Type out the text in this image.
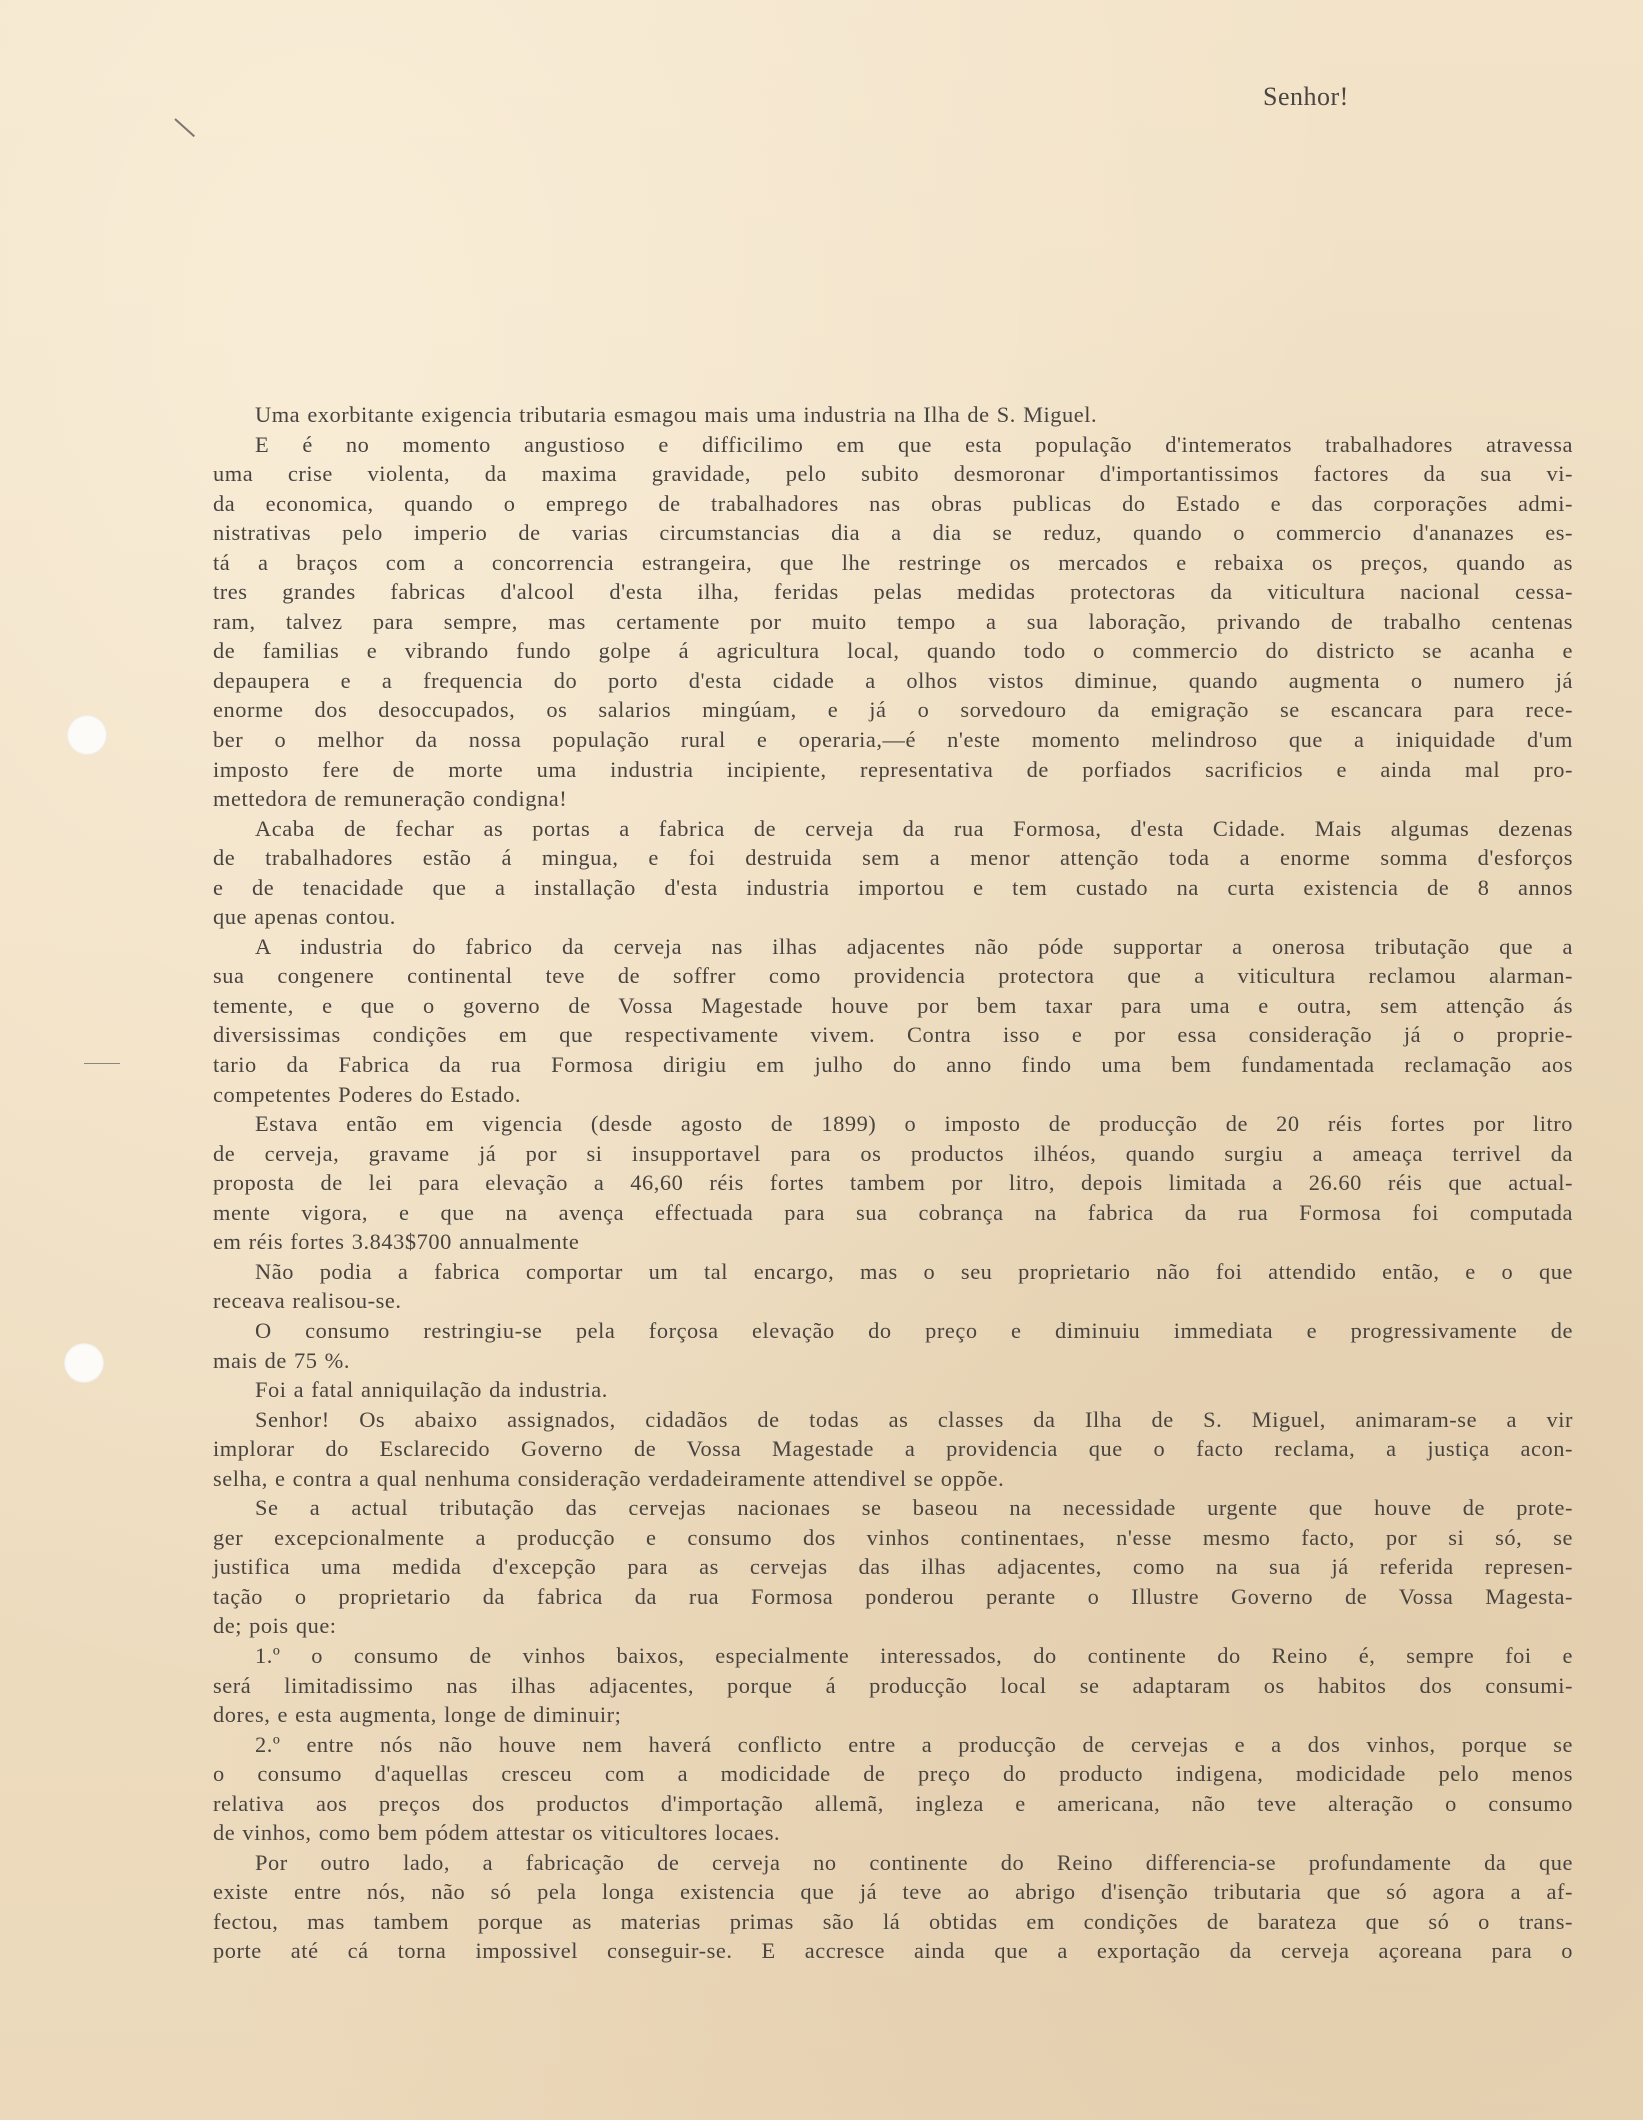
Senhor!
Uma exorbitante exigencia tributaria esmagou mais uma industria na Ilha de S. Miguel.
E é no momento angustioso e difficilimo em que esta população d'intemeratos trabalhadores atravessa
uma crise violenta, da maxima gravidade, pelo subito desmoronar d'importantissimos factores da sua vi-
da economica, quando o emprego de trabalhadores nas obras publicas do Estado e das corporações admi-
nistrativas pelo imperio de varias circumstancias dia a dia se reduz, quando o commercio d'ananazes es-
tá a braços com a concorrencia estrangeira, que lhe restringe os mercados e rebaixa os preços, quando as
tres grandes fabricas d'alcool d'esta ilha, feridas pelas medidas protectoras da viticultura nacional cessa-
ram, talvez para sempre, mas certamente por muito tempo a sua laboração, privando de trabalho centenas
de familias e vibrando fundo golpe á agricultura local, quando todo o commercio do districto se acanha e
depaupera e a frequencia do porto d'esta cidade a olhos vistos diminue, quando augmenta o numero já
enorme dos desoccupados, os salarios mingúam, e já o sorvedouro da emigração se escancara para rece-
ber o melhor da nossa população rural e operaria,—é n'este momento melindroso que a iniquidade d'um
imposto fere de morte uma industria incipiente, representativa de porfiados sacrificios e ainda mal pro-
mettedora de remuneração condigna!
Acaba de fechar as portas a fabrica de cerveja da rua Formosa, d'esta Cidade. Mais algumas dezenas
de trabalhadores estão á mingua, e foi destruida sem a menor attenção toda a enorme somma d'esforços
e de tenacidade que a installação d'esta industria importou e tem custado na curta existencia de 8 annos
que apenas contou.
A industria do fabrico da cerveja nas ilhas adjacentes não póde supportar a onerosa tributação que a
sua congenere continental teve de soffrer como providencia protectora que a viticultura reclamou alarman-
temente, e que o governo de Vossa Magestade houve por bem taxar para uma e outra, sem attenção ás
diversissimas condições em que respectivamente vivem. Contra isso e por essa consideração já o proprie-
tario da Fabrica da rua Formosa dirigiu em julho do anno findo uma bem fundamentada reclamação aos
competentes Poderes do Estado.
Estava então em vigencia (desde agosto de 1899) o imposto de producção de 20 réis fortes por litro
de cerveja, gravame já por si insupportavel para os productos ilhéos, quando surgiu a ameaça terrivel da
proposta de lei para elevação a 46,60 réis fortes tambem por litro, depois limitada a 26.60 réis que actual-
mente vigora, e que na avença effectuada para sua cobrança na fabrica da rua Formosa foi computada
em réis fortes 3.843$700 annualmente
Não podia a fabrica comportar um tal encargo, mas o seu proprietario não foi attendido então, e o que
receava realisou-se.
O consumo restringiu-se pela forçosa elevação do preço e diminuiu immediata e progressivamente de
mais de 75 %.
Foi a fatal anniquilação da industria.
Senhor! Os abaixo assignados, cidadãos de todas as classes da Ilha de S. Miguel, animaram-se a vir
implorar do Esclarecido Governo de Vossa Magestade a providencia que o facto reclama, a justiça acon-
selha, e contra a qual nenhuma consideração verdadeiramente attendivel se oppõe.
Se a actual tributação das cervejas nacionaes se baseou na necessidade urgente que houve de prote-
ger excepcionalmente a producção e consumo dos vinhos continentaes, n'esse mesmo facto, por si só, se
justifica uma medida d'excepção para as cervejas das ilhas adjacentes, como na sua já referida represen-
tação o proprietario da fabrica da rua Formosa ponderou perante o Illustre Governo de Vossa Magesta-
de; pois que:
1.º o consumo de vinhos baixos, especialmente interessados, do continente do Reino é, sempre foi e
será limitadissimo nas ilhas adjacentes, porque á producção local se adaptaram os habitos dos consumi-
dores, e esta augmenta, longe de diminuir;
2.º entre nós não houve nem haverá conflicto entre a producção de cervejas e a dos vinhos, porque se
o consumo d'aquellas cresceu com a modicidade de preço do producto indigena, modicidade pelo menos
relativa aos preços dos productos d'importação allemã, ingleza e americana, não teve alteração o consumo
de vinhos, como bem pódem attestar os viticultores locaes.
Por outro lado, a fabricação de cerveja no continente do Reino differencia-se profundamente da que
existe entre nós, não só pela longa existencia que já teve ao abrigo d'isenção tributaria que só agora a af-
fectou, mas tambem porque as materias primas são lá obtidas em condições de barateza que só o trans-
porte até cá torna impossivel conseguir-se. E accresce ainda que a exportação da cerveja açoreana para o
